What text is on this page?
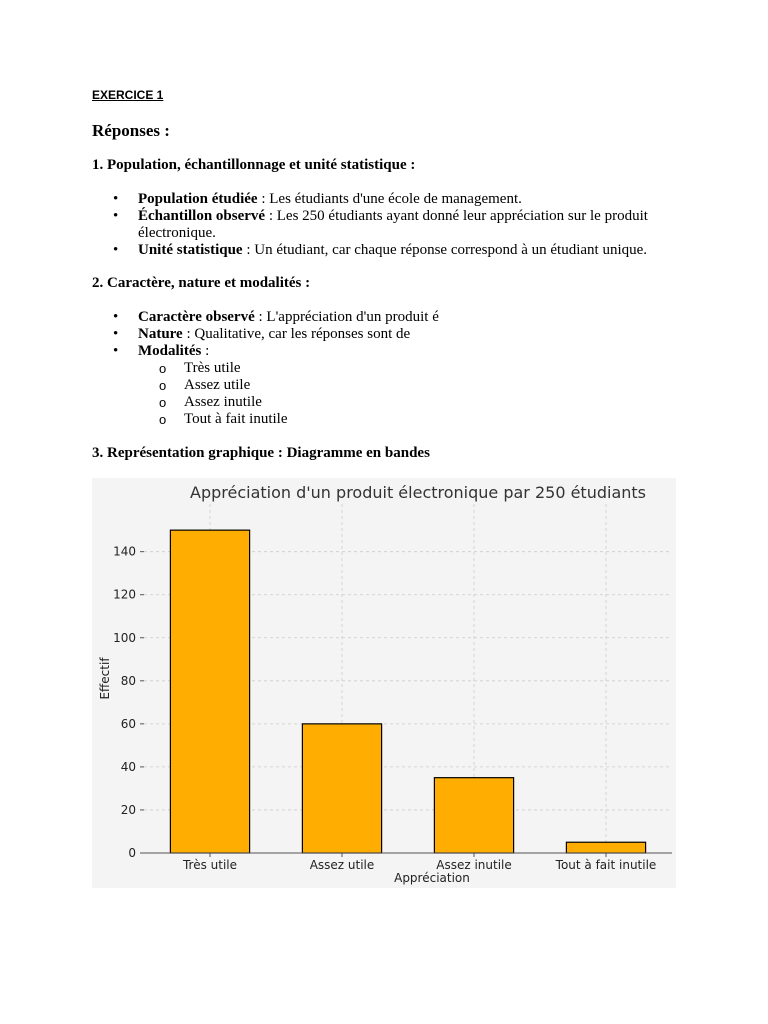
EXERCICE 1
Réponses :
1. Population, échantillonnage et unité statistique :
• Population étudiée : Les étudiants d'une école de management.
• Échantillon observé : Les 250 étudiants ayant donné leur appréciation sur le produit électronique.
• Unité statistique : Un étudiant, car chaque réponse correspond à un étudiant unique.
2. Caractère, nature et modalités :
• Caractère observé : L'appréciation d'un produit é
• Nature : Qualitative, car les réponses sont de
• Modalités :
o Très utile
o Assez utile
o Assez inutile
o Tout à fait inutile
3. Représentation graphique : Diagramme en bandes
0
20
40
60
80
100
120
140
Très utile	Assez utile	Assez inutile	Tout à fait inutile
Appréciation d'un produit électronique par 250 étudiants
Appréciation
Effectif
